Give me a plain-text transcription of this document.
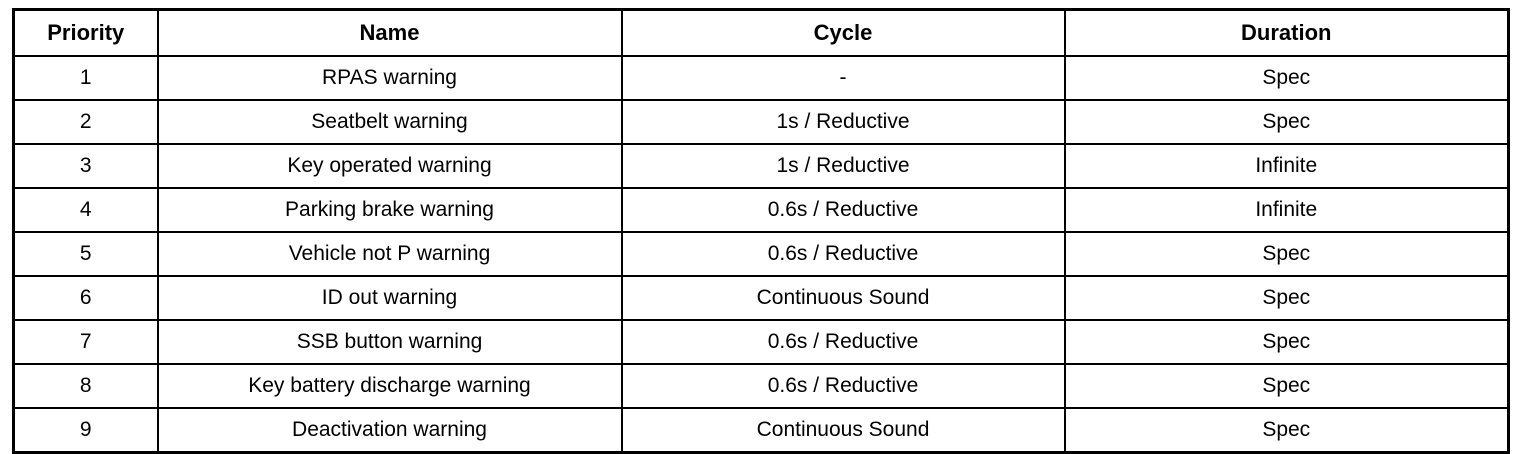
Priority	Name	Cycle	Duration
1	RPAS warning	-	Spec
2	Seatbelt warning	1s / Reductive	Spec
3	Key operated warning	1s / Reductive	Infinite
4	Parking brake warning	0.6s / Reductive	Infinite
5	Vehicle not P warning	0.6s / Reductive	Spec
6	ID out warning	Continuous Sound	Spec
7	SSB button warning	0.6s / Reductive	Spec
8	Key battery discharge warning	0.6s / Reductive	Spec
9	Deactivation warning	Continuous Sound	Spec
